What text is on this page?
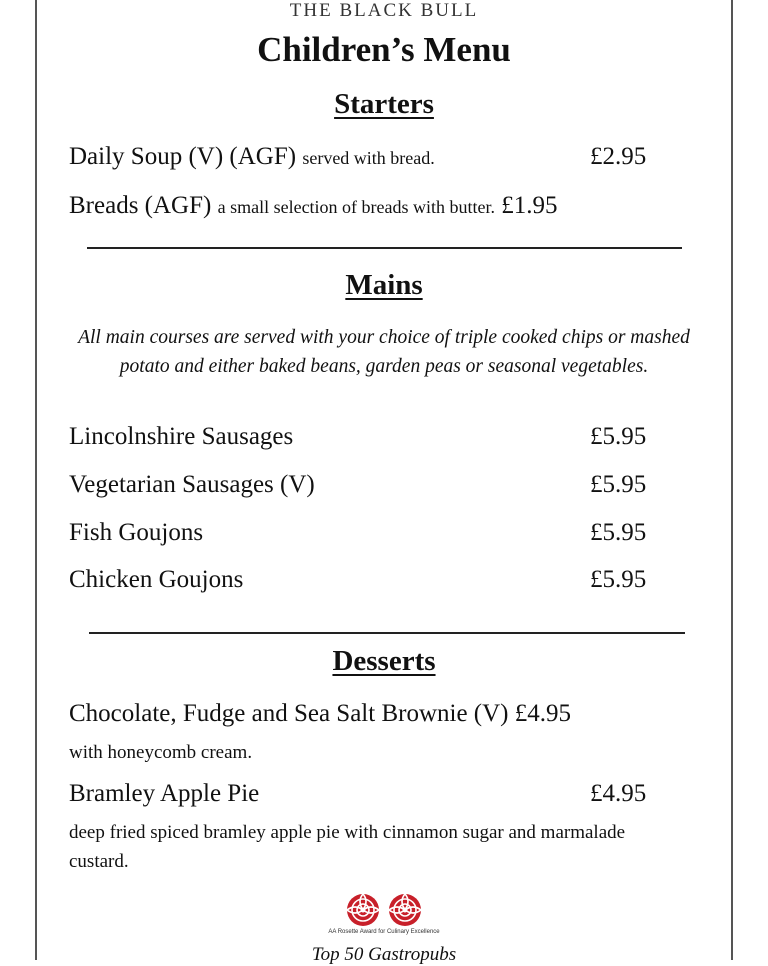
THE BLACK BULL
Children’s Menu
Starters
Daily Soup (V) (AGF) served with bread.	£2.95
Breads (AGF) a small selection of breads with butter. £1.95
Mains
All main courses are served with your choice of triple cooked chips or mashed potato and either baked beans, garden peas or seasonal vegetables.
Lincolnshire Sausages	£5.95
Vegetarian Sausages (V)	£5.95
Fish Goujons	£5.95
Chicken Goujons	£5.95
Desserts
Chocolate, Fudge and Sea Salt Brownie (V) £4.95
with honeycomb cream.
Bramley Apple Pie	£4.95
deep fried spiced bramley apple pie with cinnamon sugar and marmalade custard.
AA Rosette Award for Culinary Excellence
Top 50 Gastropubs
